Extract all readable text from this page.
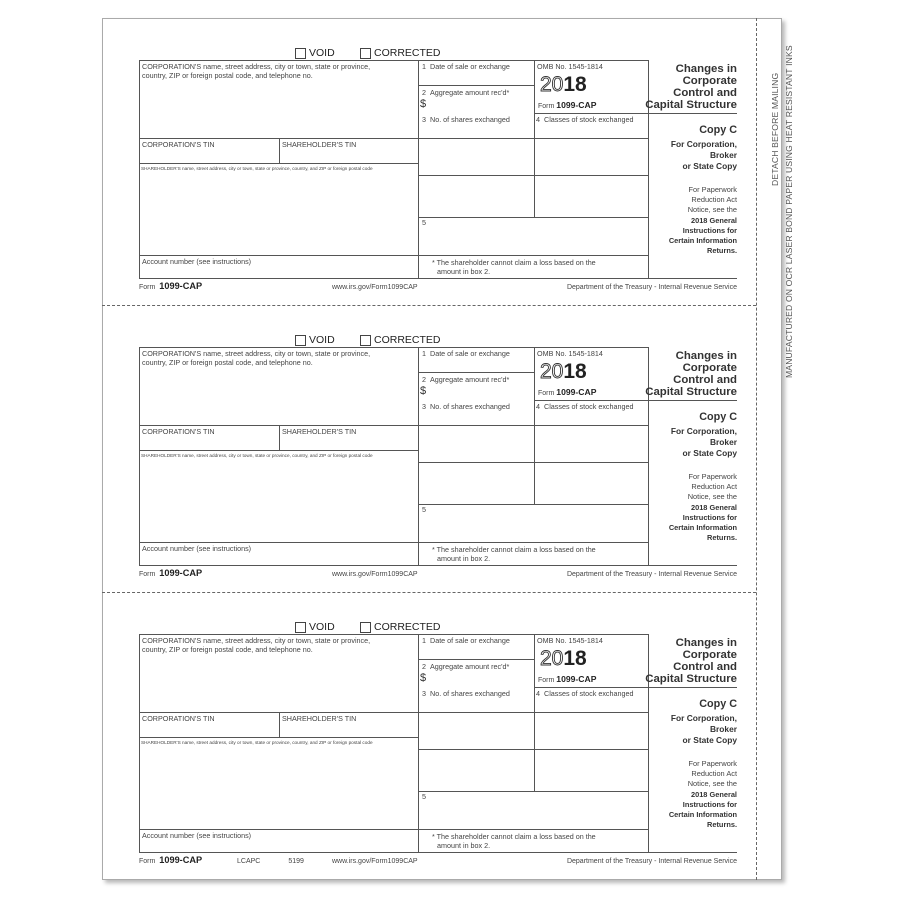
DETACH BEFORE MAILING MANUFACTURED ON OCR LASER BOND PAPER USING HEAT RESISTANT INKS
VOID	CORRECTED
CORPORATION'S name, street address, city or town, state or province,
country, ZIP or foreign postal code, and telephone no.
CORPORATION'S TIN	SHAREHOLDER'S TIN
SHAREHOLDER'S name, street address, city or town, state or province, country, and ZIP or foreign postal code
Account number (see instructions)
1 Date of sale or exchange
2 Aggregate amount rec'd*
$
3 No. of shares exchanged	4 Classes of stock exchanged
5
OMB No. 1545-1814
2018
Form 1099-CAP
* The shareholder cannot claim a loss based on the
amount in box 2.
Changes in
Corporate
Control and
Capital Structure
Copy C
For Corporation,
Broker
or State Copy
For Paperwork
Reduction Act
Notice, see the
2018 General
Instructions for
Certain Information
Returns.
Form 1099-CAP	www.irs.gov/Form1099CAP	Department of the Treasury - Internal Revenue Service
VOID	CORRECTED
CORPORATION'S name, street address, city or town, state or province,
country, ZIP or foreign postal code, and telephone no.
CORPORATION'S TIN	SHAREHOLDER'S TIN
SHAREHOLDER'S name, street address, city or town, state or province, country, and ZIP or foreign postal code
Account number (see instructions)
1 Date of sale or exchange
2 Aggregate amount rec'd*
$
3 No. of shares exchanged	4 Classes of stock exchanged
5
OMB No. 1545-1814
2018
Form 1099-CAP
* The shareholder cannot claim a loss based on the
amount in box 2.
Changes in
Corporate
Control and
Capital Structure
Copy C
For Corporation,
Broker
or State Copy
For Paperwork
Reduction Act
Notice, see the
2018 General
Instructions for
Certain Information
Returns.
Form 1099-CAP	www.irs.gov/Form1099CAP	Department of the Treasury - Internal Revenue Service
VOID	CORRECTED
CORPORATION'S name, street address, city or town, state or province,
country, ZIP or foreign postal code, and telephone no.
CORPORATION'S TIN	SHAREHOLDER'S TIN
SHAREHOLDER'S name, street address, city or town, state or province, country, and ZIP or foreign postal code
Account number (see instructions)
1 Date of sale or exchange
2 Aggregate amount rec'd*
$
3 No. of shares exchanged	4 Classes of stock exchanged
5
OMB No. 1545-1814
2018
Form 1099-CAP
* The shareholder cannot claim a loss based on the
amount in box 2.
Changes in
Corporate
Control and
Capital Structure
Copy C
For Corporation,
Broker
or State Copy
For Paperwork
Reduction Act
Notice, see the
2018 General
Instructions for
Certain Information
Returns.
Form 1099-CAP	LCAPC	5199	www.irs.gov/Form1099CAP	Department of the Treasury - Internal Revenue Service
